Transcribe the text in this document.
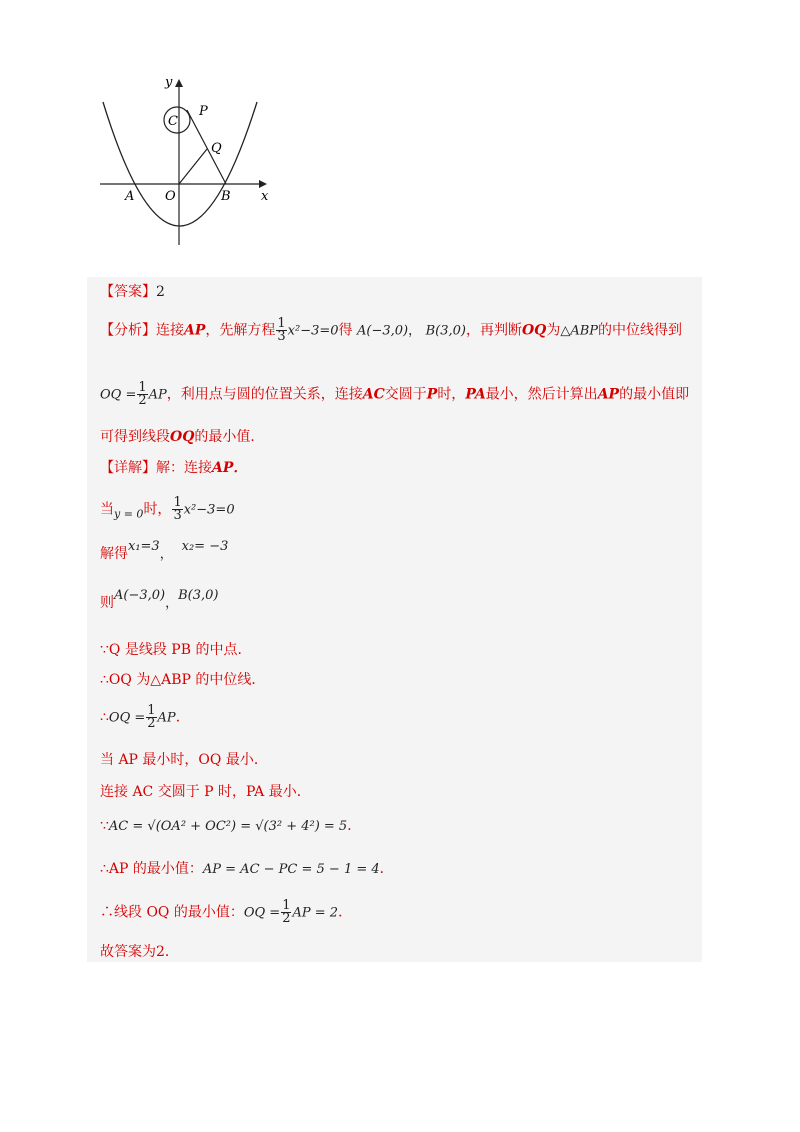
y
x
C
P
Q
A O	B
【答案】2
【分析】连接AP，先解方程 $\frac{1}{3} x^2-3=0$得 A(−3,0)， B(3,0)，再判断OQ为△ABP的中位线得到
OQ = $\frac{1}{2}$ AP，利用点与圆的位置关系，连接AC交圆于P时，PA最小，然后计算出AP的最小值即
可得到线段OQ的最小值．
【详解】解：连接AP．
当$_{y = 0}$时， $\frac{1}{3} x^2-3=0$
解得x₁=3，  x₂= −3
则A(−3,0)，B(3,0)
∵Q 是线段 PB 的中点．
∴OQ 为△ABP 的中位线．
∴OQ = $\frac{1}{2}$ AP．
当 AP 最小时，OQ 最小．
连接 AC 交圆于 P 时，PA 最小．
∵AC = √(OA² + OC²) = √(3² + 4²) = 5．
∴AP 的最小值：AP = AC − PC = 5 − 1 = 4．
∴线段 OQ 的最小值：OQ = $\frac{1}{2}$ AP = 2．
故答案为2．
